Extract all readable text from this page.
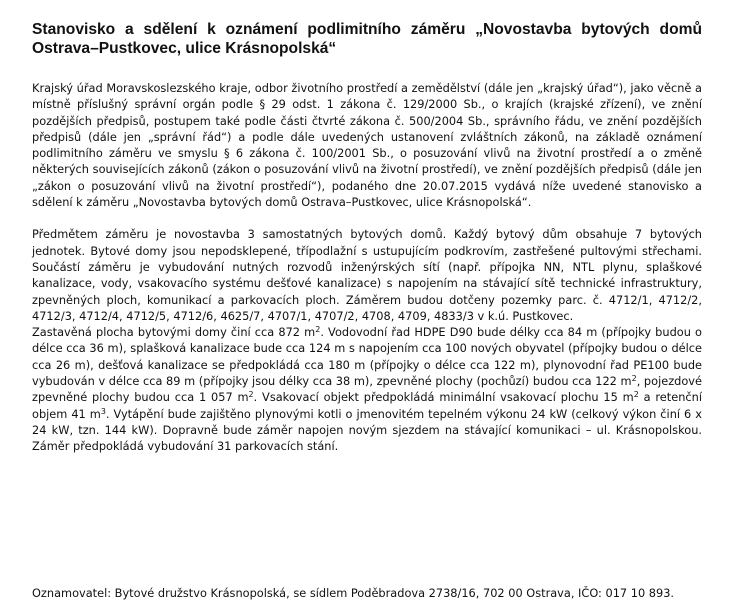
Stanovisko a sdělení k oznámení podlimitního záměru „Novostavba bytových domů Ostrava–Pustkovec, ulice Krásnopolská“

Krajský úřad Moravskoslezského kraje, odbor životního prostředí a zemědělství (dále jen „krajský úřad“), jako věcně a místně příslušný správní orgán podle § 29 odst. 1 zákona č. 129/2000 Sb., o krajích (krajské zřízení), ve znění pozdějších předpisů, postupem také podle části čtvrté zákona č. 500/2004 Sb., správního řádu, ve znění pozdějších předpisů (dále jen „správní řád“) a podle dále uvedených ustanovení zvláštních zákonů, na základě oznámení podlimitního záměru ve smyslu § 6 zákona č. 100/2001 Sb., o posuzování vlivů na životní prostředí a o změně některých souvisejících zákonů (zákon o posuzování vlivů na životní prostředí), ve znění pozdějších předpisů (dále jen „zákon o posuzování vlivů na životní prostředí“), podaného dne 20.07.2015 vydává níže uvedené stanovisko a sdělení k záměru „Novostavba bytových domů Ostrava–Pustkovec, ulice Krásnopolská“.

Předmětem záměru je novostavba 3 samostatných bytových domů. Každý bytový dům obsahuje 7 bytových jednotek. Bytové domy jsou nepodsklepené, třípodlažní s ustupujícím podkrovím, zastřešené pultovými střechami. Součástí záměru je vybudování nutných rozvodů inženýrských sítí (např. přípojka NN, NTL plynu, splaškové kanalizace, vody, vsakovacího systému dešťové kanalizace) s napojením na stávající sítě technické infrastruktury, zpevněných ploch, komunikací a parkovacích ploch. Záměrem budou dotčeny pozemky parc. č. 4712/1, 4712/2, 4712/3, 4712/4, 4712/5, 4712/6, 4625/7, 4707/1, 4707/2, 4708, 4709, 4833/3 v k.ú. Pustkovec.

Zastavěná plocha bytovými domy činí cca 872 $m^2$. Vodovodní řad HDPE D90 bude délky cca 84 m (přípojky budou o délce cca 36 m), splašková kanalizace bude cca 124 m s napojením cca 100 nových obyvatel (přípojky budou o délce cca 26 m), dešťová kanalizace se předpokládá cca 180 m (přípojky o délce cca 122 m), plynovodní řad PE100 bude vybudován v délce cca 89 m (přípojky jsou délky cca 38 m), zpevněné plochy (pochůzí) budou cca 122 $m^2$, pojezdové zpevněné plochy budou cca 1 057 $m^2$. Vsakovací objekt předpokládá minimální vsakovací plochu 15 $m^2$ a retenční objem 41 $m^3$. Vytápění bude zajištěno plynovými kotli o jmenovitém tepelném výkonu 24 kW (celkový výkon činí 6 x 24 kW, tzn. 144 kW). Dopravně bude záměr napojen novým sjezdem na stávající komunikaci – ul. Krásnopolskou. Záměr předpokládá vybudování 31 parkovacích stání.

Oznamovatel: Bytové družstvo Krásnopolská, se sídlem Poděbradova 2738/16, 702 00 Ostrava, IČO: 017 10 893.
